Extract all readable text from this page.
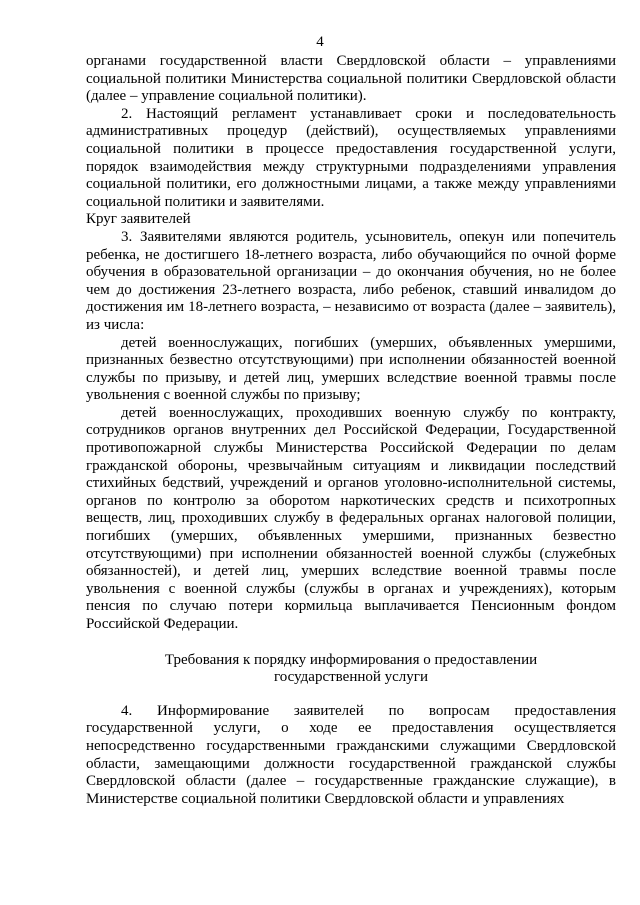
4

органами государственной власти Свердловской области – управлениями социальной политики Министерства социальной политики Свердловской области (далее – управление социальной политики).

2. Настоящий регламент устанавливает сроки и последовательность административных процедур (действий), осуществляемых управлениями социальной политики в процессе предоставления государственной услуги, порядок взаимодействия между структурными подразделениями управления социальной политики, его должностными лицами, а также между управлениями социальной политики и заявителями.

Круг заявителей

3. Заявителями являются родитель, усыновитель, опекун или попечитель ребенка, не достигшего 18-летнего возраста, либо обучающийся по очной форме обучения в образовательной организации – до окончания обучения, но не более чем до достижения 23-летнего возраста, либо ребенок, ставший инвалидом до достижения им 18-летнего возраста, – независимо от возраста (далее – заявитель), из числа:

детей военнослужащих, погибших (умерших, объявленных умершими, признанных безвестно отсутствующими) при исполнении обязанностей военной службы по призыву, и детей лиц, умерших вследствие военной травмы после увольнения с военной службы по призыву;

детей военнослужащих, проходивших военную службу по контракту, сотрудников органов внутренних дел Российской Федерации, Государственной противопожарной службы Министерства Российской Федерации по делам гражданской обороны, чрезвычайным ситуациям и ликвидации последствий стихийных бедствий, учреждений и органов уголовно-исполнительной системы, органов по контролю за оборотом наркотических средств и психотропных веществ, лиц, проходивших службу в федеральных органах налоговой полиции, погибших (умерших, объявленных умершими, признанных безвестно отсутствующими) при исполнении обязанностей военной службы (служебных обязанностей), и детей лиц, умерших вследствие военной травмы после увольнения с военной службы (службы в органах и учреждениях), которым пенсия по случаю потери кормильца выплачивается Пенсионным фондом Российской Федерации.

Требования к порядку информирования о предоставлении
государственной услуги

4. Информирование заявителей по вопросам предоставления государственной услуги, о ходе ее предоставления осуществляется непосредственно государственными гражданскими служащими Свердловской области, замещающими должности государственной гражданской службы Свердловской области (далее – государственные гражданские служащие), в Министерстве социальной политики Свердловской области и управлениях
